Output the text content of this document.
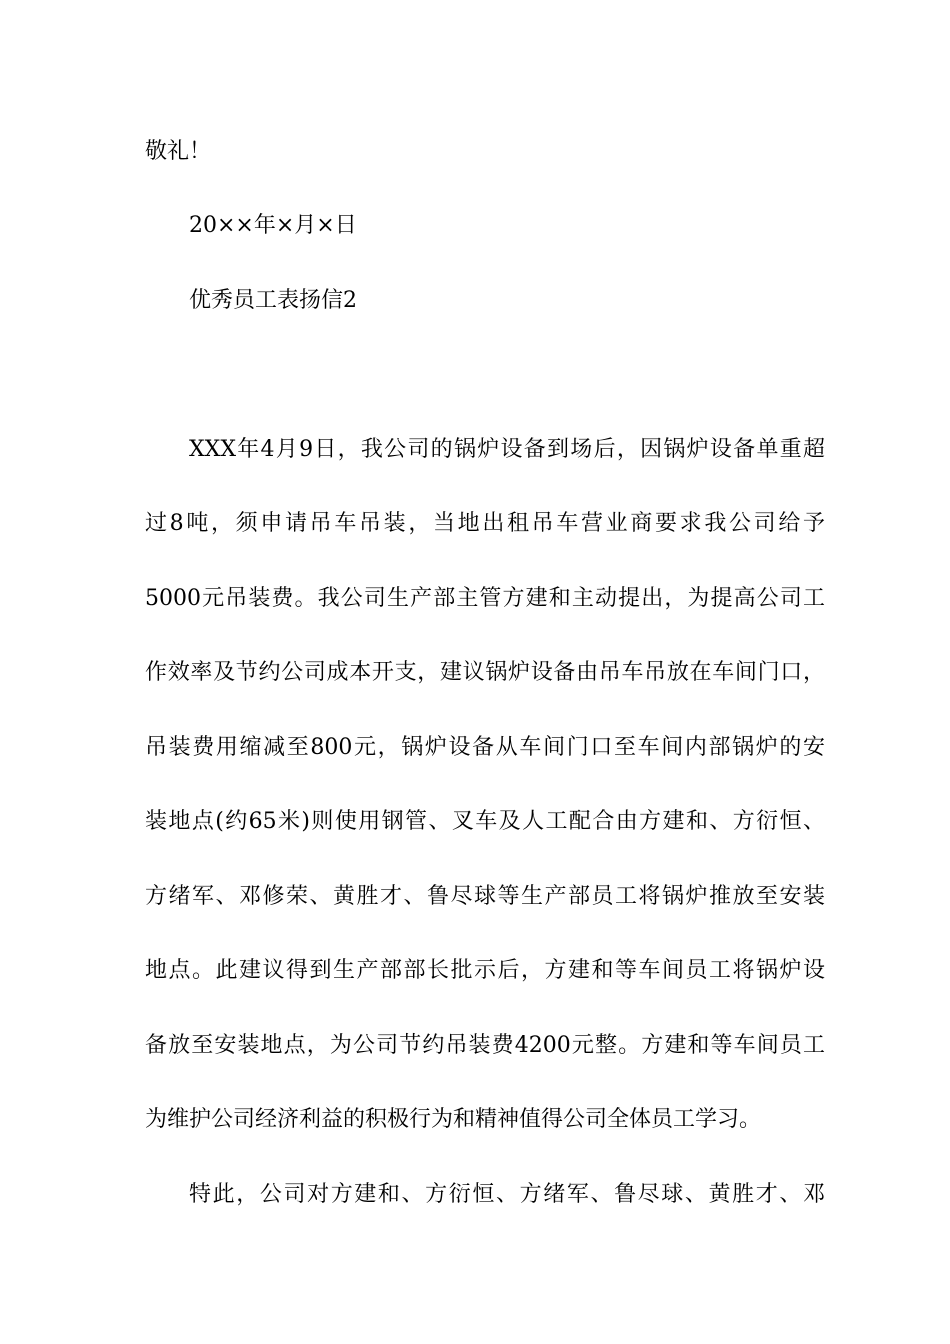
敬礼！
20××年×月×日
优秀员工表扬信2
XXX年4月9日，我公司的锅炉设备到场后，因锅炉设备单重超
过8吨，须申请吊车吊装，当地出租吊车营业商要求我公司给予
5000元吊装费。我公司生产部主管方建和主动提出，为提高公司工
作效率及节约公司成本开支，建议锅炉设备由吊车吊放在车间门口，
吊装费用缩减至800元，锅炉设备从车间门口至车间内部锅炉的安
装地点(约65米)则使用钢管、叉车及人工配合由方建和、方衍恒、
方绪军、邓修荣、黄胜才、鲁尽球等生产部员工将锅炉推放至安装
地点。此建议得到生产部部长批示后，方建和等车间员工将锅炉设
备放至安装地点，为公司节约吊装费4200元整。方建和等车间员工
为维护公司经济利益的积极行为和精神值得公司全体员工学习。
特此，公司对方建和、方衍恒、方绪军、鲁尽球、黄胜才、邓
